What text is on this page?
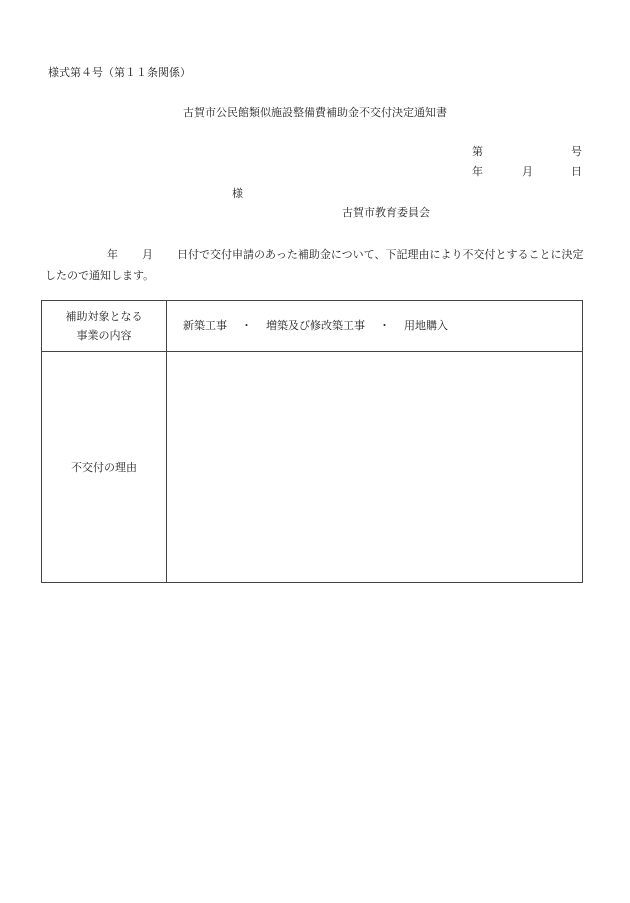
様式第４号（第１１条関係）
古賀市公民館類似施設整備費補助金不交付決定通知書
第	号
年	月	日
様
古賀市教育委員会
年 月 日付で交付申請のあった補助金について、下記理由により不交付とすることに決定したので通知します。
補助対象となる
事業の内容	新築工事 ・ 増築及び修改築工事 ・ 用地購入
不交付の理由	
